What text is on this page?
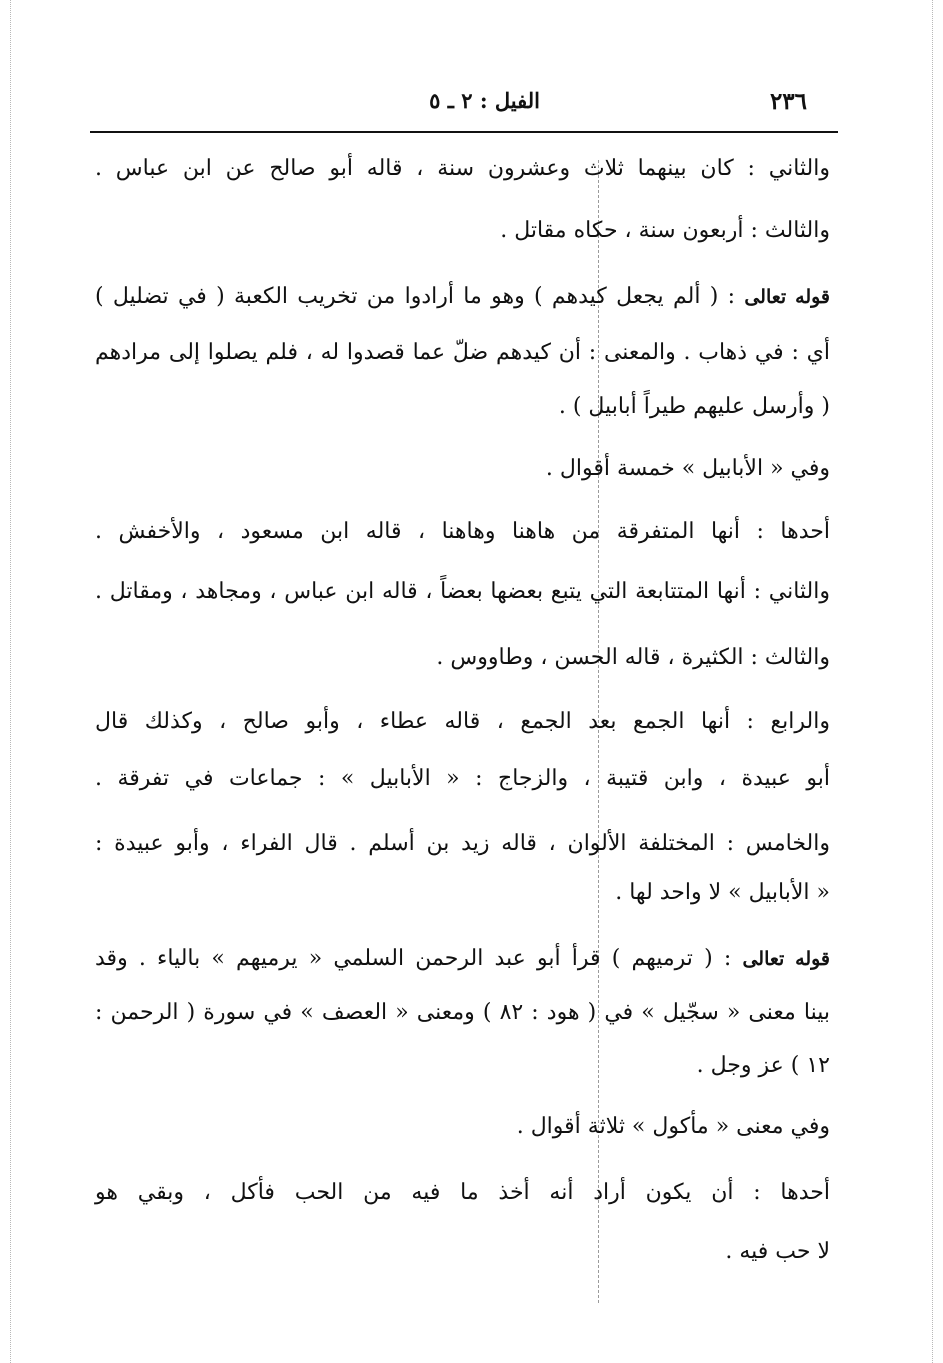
٢٣٦
الفيل : ٢ ـ ٥
والثاني : كان بينهما ثلاث وعشرون سنة ، قاله أبو صالح عن ابن عباس .
والثالث : أربعون سنة ، حكاه مقاتل .
قوله تعالى : ( ألم يجعل كيدهم ) وهو ما أرادوا من تخريب الكعبة ( في تضليل )
أي : في ذهاب . والمعنى : أن كيدهم ضلّ عما قصدوا له ، فلم يصلوا إلى مرادهم
( وأرسل عليهم طيراً أبابيل ) .
وفي « الأبابيل » خمسة أقوال .
أحدها : أنها المتفرقة من هاهنا وهاهنا ، قاله ابن مسعود ، والأخفش .
والثاني : أنها المتتابعة التي يتبع بعضها بعضاً ، قاله ابن عباس ، ومجاهد ، ومقاتل .
والثالث : الكثيرة ، قاله الحسن ، وطاووس .
والرابع : أنها الجمع بعد الجمع ، قاله عطاء ، وأبو صالح ، وكذلك قال
أبو عبيدة ، وابن قتيبة ، والزجاج : « الأبابيل » : جماعات في تفرقة .
والخامس : المختلفة الألوان ، قاله زيد بن أسلم . قال الفراء ، وأبو عبيدة :
« الأبابيل » لا واحد لها .
قوله تعالى : ( ترميهم ) قرأ أبو عبد الرحمن السلمي « يرميهم » بالياء . وقد
بينا معنى « سجّيل » في ( هود : ٨٢ ) ومعنى « العصف » في سورة ( الرحمن :
١٢ ) عز وجل .
وفي معنى « مأكول » ثلاثة أقوال .
أحدها : أن يكون أراد أنه أخذ ما فيه من الحب فأكل ، وبقي هو
لا حب فيه .
